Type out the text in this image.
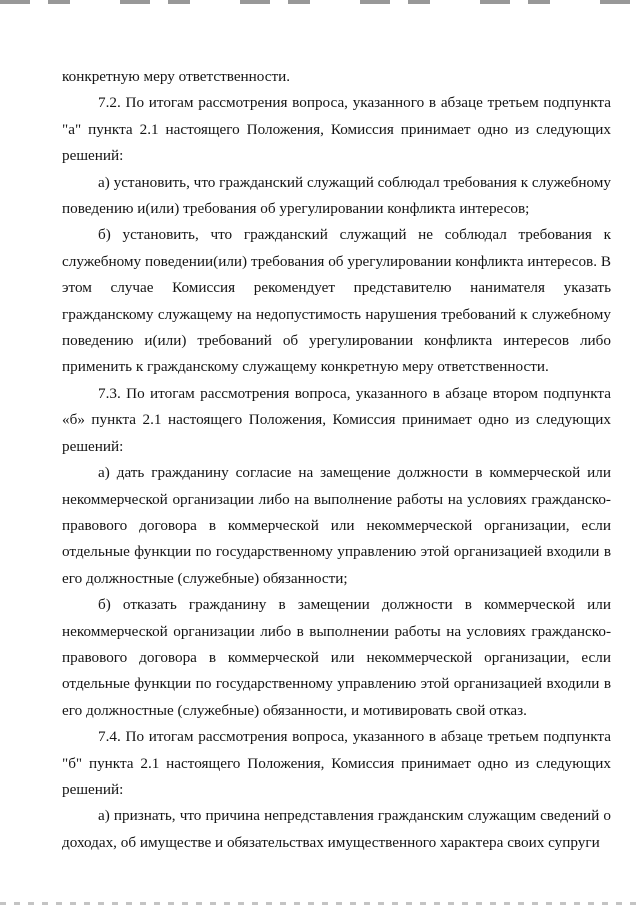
конкретную меру ответственности.

7.2. По итогам рассмотрения вопроса, указанного в абзаце третьем подпункта "а" пункта 2.1 настоящего Положения, Комиссия принимает одно из следующих решений:

а) установить, что гражданский служащий соблюдал требования к служебному поведению и(или) требования об урегулировании конфликта интересов;

б) установить, что гражданский служащий не соблюдал требования к служебному поведении(или) требования об урегулировании конфликта интересов. В этом случае Комиссия рекомендует представителю нанимателя указать гражданскому служащему на недопустимость нарушения требований к служебному поведению и(или) требований об урегулировании конфликта интересов либо применить к гражданскому служащему конкретную меру ответственности.

7.3. По итогам рассмотрения вопроса, указанного в абзаце втором подпункта «б» пункта 2.1 настоящего Положения, Комиссия принимает одно из следующих решений:

а) дать гражданину согласие на замещение должности в коммерческой или некоммерческой организации либо на выполнение работы на условиях гражданско-правового договора в коммерческой или некоммерческой организации, если отдельные функции по государственному управлению этой организацией входили в его должностные (служебные) обязанности;

б) отказать гражданину в замещении должности в коммерческой или некоммерческой организации либо в выполнении работы на условиях гражданско-правового договора в коммерческой или некоммерческой организации, если отдельные функции по государственному управлению этой организацией входили в его должностные (служебные) обязанности, и мотивировать свой отказ.

7.4. По итогам рассмотрения вопроса, указанного в абзаце третьем подпункта "б" пункта 2.1 настоящего Положения, Комиссия принимает одно из следующих решений:

а) признать, что причина непредставления гражданским служащим сведений о доходах, об имуществе и обязательствах имущественного характера своих супруги
